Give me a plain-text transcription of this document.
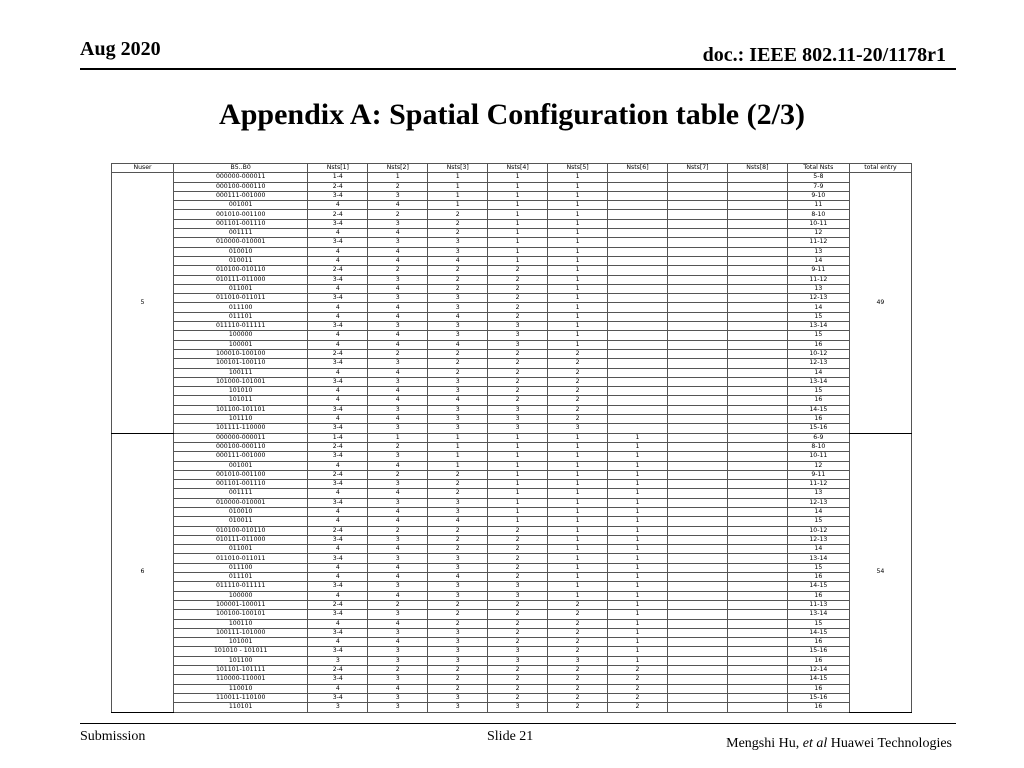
Aug 2020	doc.: IEEE 802.11-20/1178r1
Appendix A: Spatial Configuration table (2/3)
Nuser	B5..B0	Nsts[1]	Nsts[2]	Nsts[3]	Nsts[4]	Nsts[5]	Nsts[6]	Nsts[7]	Nsts[8]	Total Nsts	total entry
5	000000-000011	1-4	1	1	1	1				5-8	49
	000100-000110	2-4	2	1	1	1				7-9	
	000111-001000	3-4	3	1	1	1				9-10	
	001001	4	4	1	1	1				11	
	001010-001100	2-4	2	2	1	1				8-10	
	001101-001110	3-4	3	2	1	1				10-11	
	001111	4	4	2	1	1				12	
	010000-010001	3-4	3	3	1	1				11-12	
	010010	4	4	3	1	1				13	
	010011	4	4	4	1	1				14	
	010100-010110	2-4	2	2	2	1				9-11	
	010111-011000	3-4	3	2	2	1				11-12	
	011001	4	4	2	2	1				13	
	011010-011011	3-4	3	3	2	1				12-13	
	011100	4	4	3	2	1				14	
	011101	4	4	4	2	1				15	
	011110-011111	3-4	3	3	3	1				13-14	
	100000	4	4	3	3	1				15	
	100001	4	4	4	3	1				16	
	100010-100100	2-4	2	2	2	2				10-12	
	100101-100110	3-4	3	2	2	2				12-13	
	100111	4	4	2	2	2				14	
	101000-101001	3-4	3	3	2	2				13-14	
	101010	4	4	3	2	2				15	
	101011	4	4	4	2	2				16	
	101100-101101	3-4	3	3	3	2				14-15	
	101110	4	4	3	3	2				16	
	101111-110000	3-4	3	3	3	3				15-16	
6	000000-000011	1-4	1	1	1	1	1			6-9	54
	000100-000110	2-4	2	1	1	1	1			8-10	
	000111-001000	3-4	3	1	1	1	1			10-11	
	001001	4	4	1	1	1	1			12	
	001010-001100	2-4	2	2	1	1	1			9-11	
	001101-001110	3-4	3	2	1	1	1			11-12	
	001111	4	4	2	1	1	1			13	
	010000-010001	3-4	3	3	1	1	1			12-13	
	010010	4	4	3	1	1	1			14	
	010011	4	4	4	1	1	1			15	
	010100-010110	2-4	2	2	2	1	1			10-12	
	010111-011000	3-4	3	2	2	1	1			12-13	
	011001	4	4	2	2	1	1			14	
	011010-011011	3-4	3	3	2	1	1			13-14	
	011100	4	4	3	2	1	1			15	
	011101	4	4	4	2	1	1			16	
	011110-011111	3-4	3	3	3	1	1			14-15	
	100000	4	4	3	3	1	1			16	
	100001-100011	2-4	2	2	2	2	1			11-13	
	100100-100101	3-4	3	2	2	2	1			13-14	
	100110	4	4	2	2	2	1			15	
	100111-101000	3-4	3	3	2	2	1			14-15	
	101001	4	4	3	2	2	1			16	
	101010 - 101011	3-4	3	3	3	2	1			15-16	
	101100	3	3	3	3	3	1			16	
	101101-101111	2-4	2	2	2	2	2			12-14	
	110000-110001	3-4	3	2	2	2	2			14-15	
	110010	4	4	2	2	2	2			16	
	110011-110100	3-4	3	3	2	2	2			15-16	
	110101	3	3	3	3	2	2			16	
Submission	Slide 21	Mengshi Hu, et al Huawei Technologies
